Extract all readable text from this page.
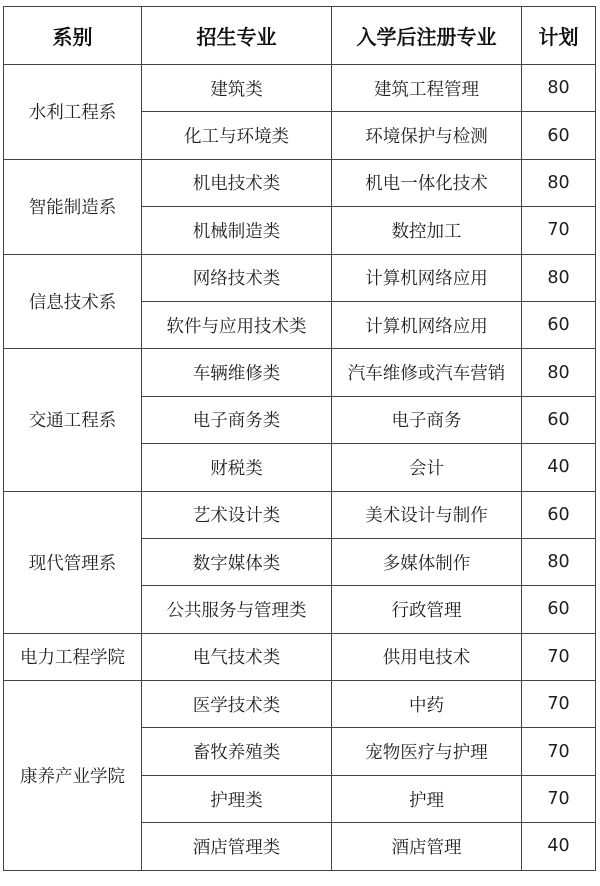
系别	招生专业	入学后注册专业	计划
水利工程系	建筑类	建筑工程管理	80
	化工与环境类	环境保护与检测	60
智能制造系	机电技术类	机电一体化技术	80
	机械制造类	数控加工	70
信息技术系	网络技术类	计算机网络应用	80
	软件与应用技术类	计算机网络应用	60
交通工程系	车辆维修类	汽车维修或汽车营销	80
	电子商务类	电子商务	60
	财税类	会计	40
现代管理系	艺术设计类	美术设计与制作	60
	数字媒体类	多媒体制作	80
	公共服务与管理类	行政管理	60
电力工程学院	电气技术类	供用电技术	70
康养产业学院	医学技术类	中药	70
	畜牧养殖类	宠物医疗与护理	70
	护理类	护理	70
	酒店管理类	酒店管理	40
